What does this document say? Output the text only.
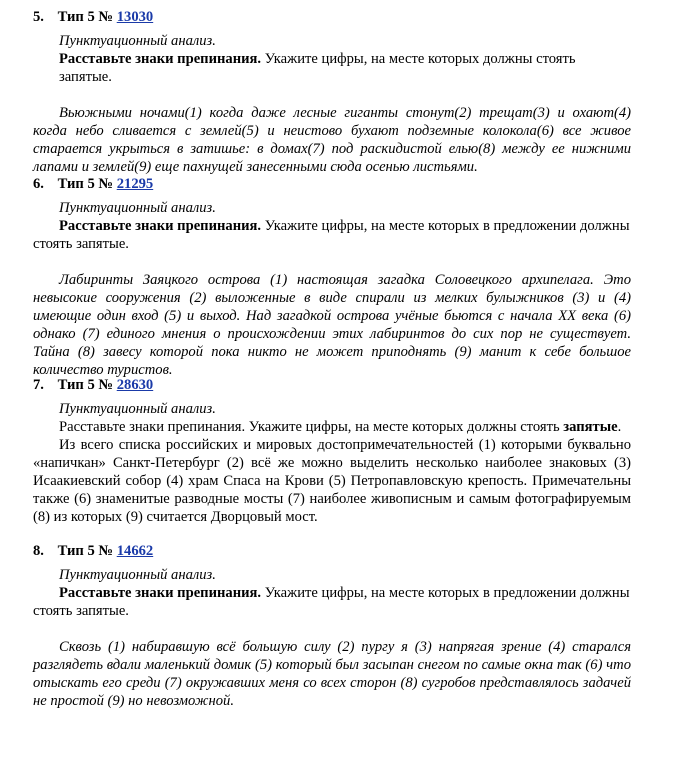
5. Тип 5 № 13030
Пунктуационный анализ.
Расставьте знаки препинания. Укажите цифры, на месте которых должны стоять запятые.
Вьюжными ночами(1) когда даже лесные гиганты стонут(2) трещат(3) и охают(4) когда небо сливается с землей(5) и неистово бухают подземные колокола(6) все живое старается укрыться в затишье: в домах(7) под раскидистой елью(8) между ее нижними лапами и землей(9) еще пахнущей занесенными сюда осенью листьями.
6. Тип 5 № 21295
Пунктуационный анализ.
Расставьте знаки препинания. Укажите цифры, на месте которых в предложении должны стоять запятые.
Лабиринты Заяцкого острова (1) настоящая загадка Соловецкого архипелага. Это невысокие сооружения (2) выложенные в виде спирали из мелких булыжников (3) и (4) имеющие один вход (5) и выход. Над загадкой острова учёные бьются с начала XX века (6) однако (7) единого мнения о происхождении этих лабиринтов до сих пор не существует. Тайна (8) завесу которой пока никто не может приподнять (9) манит к себе большое количество туристов.
7. Тип 5 № 28630
Пунктуационный анализ.
Расставьте знаки препинания. Укажите цифры, на месте которых должны стоять запятые.
Из всего списка российских и мировых достопримечательностей (1) которыми буквально «напичкан» Санкт-Петербург (2) всё же можно выделить несколько наиболее знаковых (3) Исаакиевский собор (4) храм Спаса на Крови (5) Петропавловскую крепость. Примечательны также (6) знаменитые разводные мосты (7) наиболее живописным и самым фотографируемым (8) из которых (9) считается Дворцовый мост.
8. Тип 5 № 14662
Пунктуационный анализ.
Расставьте знаки препинания. Укажите цифры, на месте которых в предложении должны стоять запятые.
Сквозь (1) набиравшую всё большую силу (2) пургу я (3) напрягая зрение (4) старался разглядеть вдали маленький домик (5) который был засыпан снегом по самые окна так (6) что отыскать его среди (7) окружавших меня со всех сторон (8) сугробов представлялось задачей не простой (9) но невозможной.
